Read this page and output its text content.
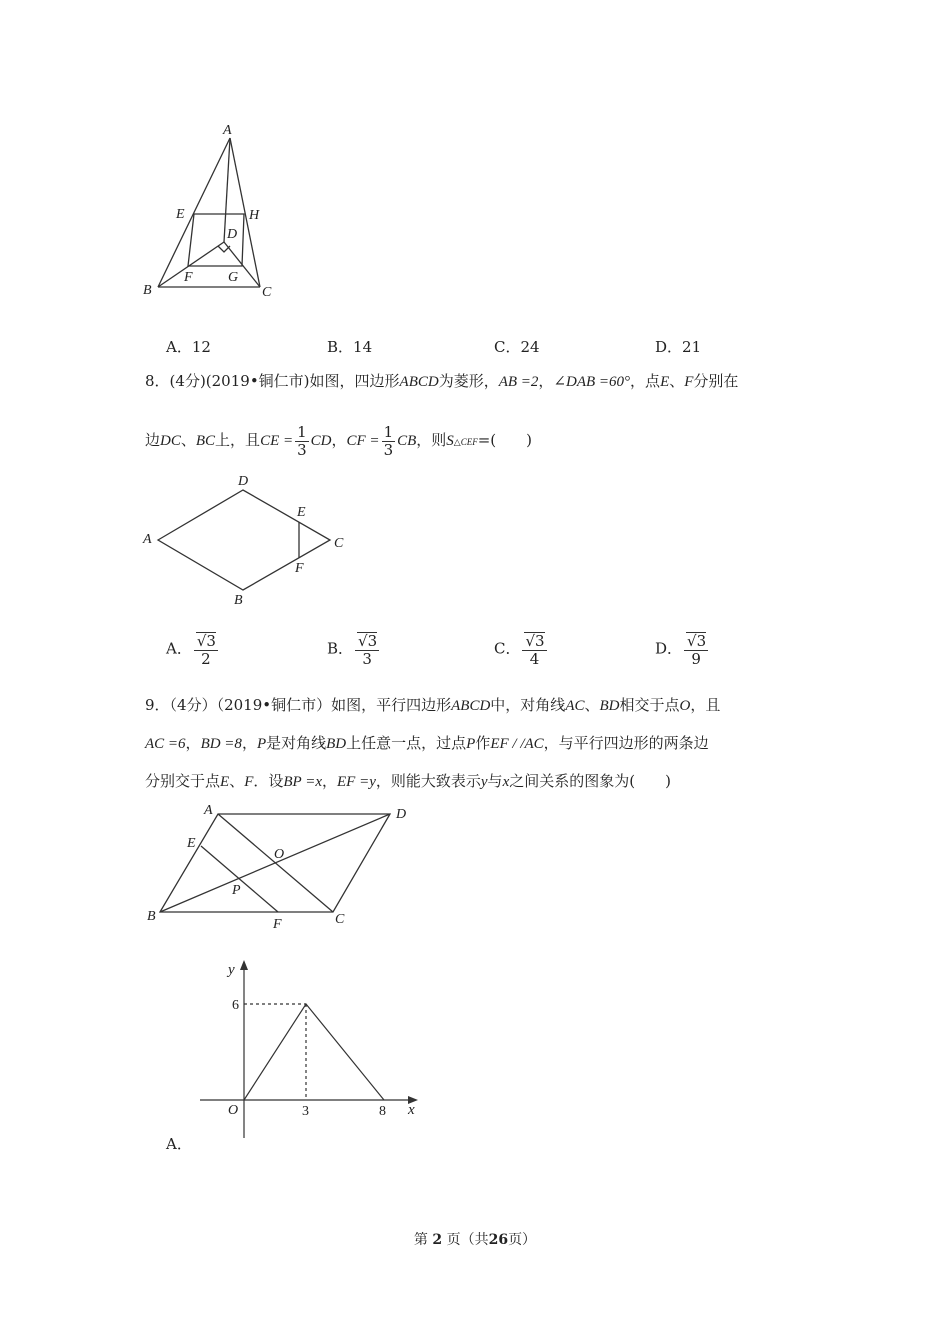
A
E	H
D
F	G
B	C
A．12	B．14	C．24	D．21
8．(4分)(2019•铜仁市)如图，四边形ABCD为菱形，AB =2，∠DAB =60°，点E、F分别在
边DC、BC上，且CE = $\frac{1}{3}$ CD，CF = $\frac{1}{3}$ CB，则S△CEF=(　　)
D
E
A	C
F
B
A． $\frac{√3}{2}$	B． $\frac{√3}{3}$	C． $\frac{√3}{4}$	D． $\frac{√3}{9}$
9．（4分）（2019•铜仁市）如图，平行四边形ABCD中，对角线AC、BD相交于点O，且
AC =6，BD =8，P是对角线BD上任意一点，过点P作EF / /AC，与平行四边形的两条边
分别交于点E、F．设BP =x，EF =y，则能大致表示y与x之间关系的图象为(　　)
A	D
E
O
P
B
F	C
y
x
O
6
3	8
A．
第 2 页（共26页）
